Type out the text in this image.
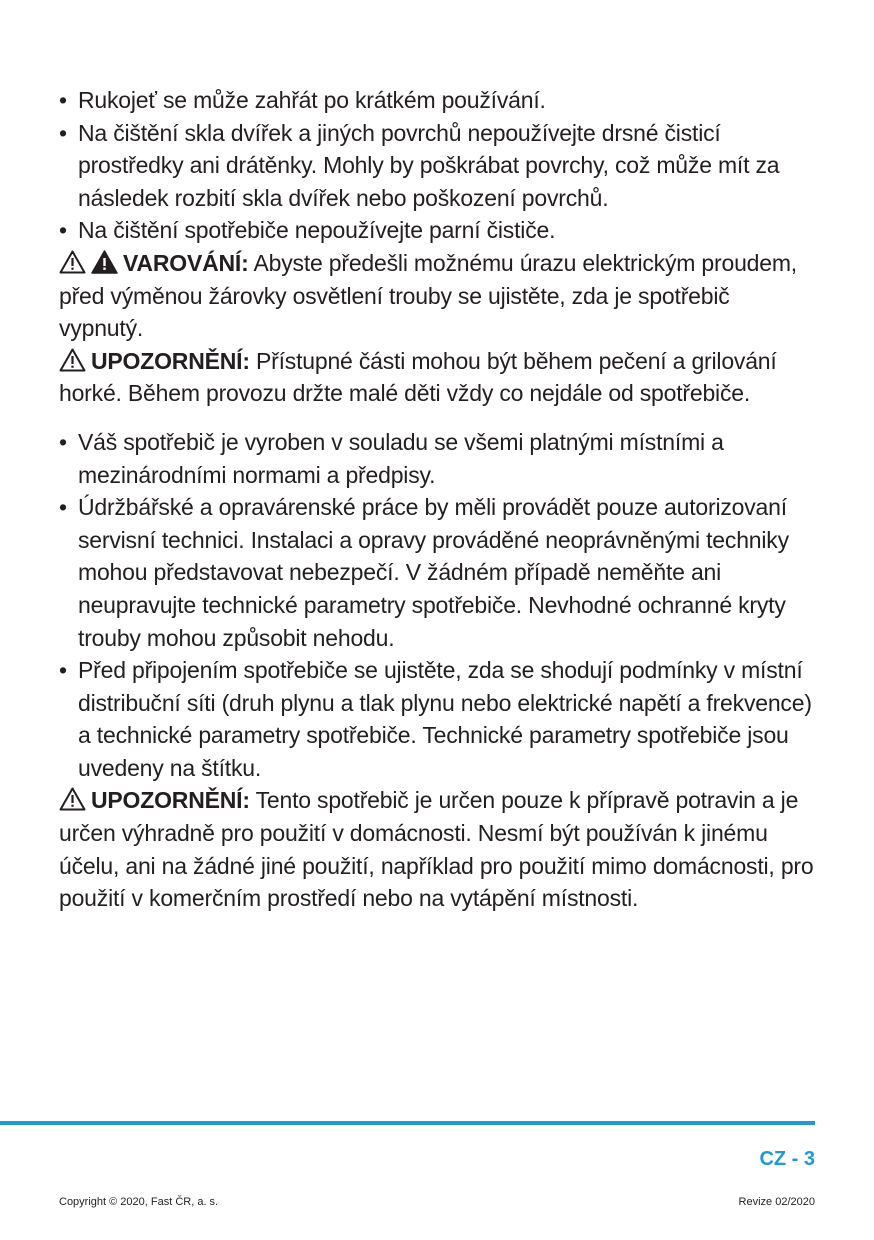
• Rukojeť se může zahřát po krátkém používání.
• Na čištění skla dvířek a jiných povrchů nepoužívejte drsné čisticí prostředky ani drátěnky. Mohly by poškrábat povrchy, což může mít za následek rozbití skla dvířek nebo poškození povrchů.
• Na čištění spotřebiče nepoužívejte parní čističe.

VAROVÁNÍ: Abyste předešli možnému úrazu elektrickým proudem, před výměnou žárovky osvětlení trouby se ujistěte, zda je spotřebič vypnutý.

UPOZORNĚNÍ: Přístupné části mohou být během pečení a grilování horké. Během provozu držte malé děti vždy co nejdále od spotřebiče.

• Váš spotřebič je vyroben v souladu se všemi platnými místními a mezinárodními normami a předpisy.
• Údržbářské a opravárenské práce by měli provádět pouze autorizovaní servisní technici. Instalaci a opravy prováděné neoprávněnými techniky mohou představovat nebezpečí. V žádném případě neměňte ani neupravujte technické parametry spotřebiče. Nevhodné ochranné kryty trouby mohou způsobit nehodu.
• Před připojením spotřebiče se ujistěte, zda se shodují podmínky v místní distribuční síti (druh plynu a tlak plynu nebo elektrické napětí a frekvence) a technické parametry spotřebiče. Technické parametry spotřebiče jsou uvedeny na štítku.

UPOZORNĚNÍ: Tento spotřebič je určen pouze k přípravě potravin a je určen výhradně pro použití v domácnosti. Nesmí být používán k jinému účelu, ani na žádné jiné použití, například pro použití mimo domácnosti, pro použití v komerčním prostředí nebo na vytápění místnosti.

CZ - 3
Copyright © 2020, Fast ČR, a. s.	Revize 02/2020
